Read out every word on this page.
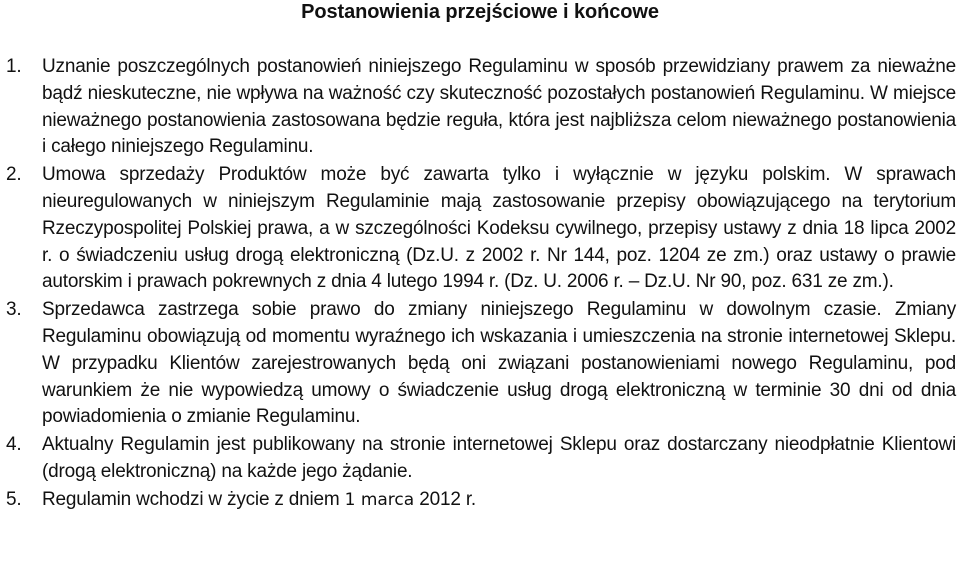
Postanowienia przejściowe i końcowe
1. Uznanie poszczególnych postanowień niniejszego Regulaminu w sposób przewidziany prawem za nieważne bądź nieskuteczne, nie wpływa na ważność czy skuteczność pozostałych postanowień Regulaminu. W miejsce nieważnego postanowienia zastosowana będzie reguła, która jest najbliższa celom nieważnego postanowienia i całego niniejszego Regulaminu.
2. Umowa sprzedaży Produktów może być zawarta tylko i wyłącznie w języku polskim. W sprawach nieuregulowanych w niniejszym Regulaminie mają zastosowanie przepisy obowiązującego na terytorium Rzeczypospolitej Polskiej prawa, a w szczególności Kodeksu cywilnego, przepisy ustawy z dnia 18 lipca 2002 r. o świadczeniu usług drogą elektroniczną (Dz.U. z 2002 r. Nr 144, poz. 1204 ze zm.) oraz ustawy o prawie autorskim i prawach pokrewnych z dnia 4 lutego 1994 r. (Dz. U. 2006 r. – Dz.U. Nr 90, poz. 631 ze zm.).
3. Sprzedawca zastrzega sobie prawo do zmiany niniejszego Regulaminu w dowolnym czasie. Zmiany Regulaminu obowiązują od momentu wyraźnego ich wskazania i umieszczenia na stronie internetowej Sklepu. W przypadku Klientów zarejestrowanych będą oni związani postanowieniami nowego Regulaminu, pod warunkiem że nie wypowiedzą umowy o świadczenie usług drogą elektroniczną w terminie 30 dni od dnia powiadomienia o zmianie Regulaminu.
4. Aktualny Regulamin jest publikowany na stronie internetowej Sklepu oraz dostarczany nieodpłatnie Klientowi (drogą elektroniczną) na każde jego żądanie.
5. Regulamin wchodzi w życie z dniem 1 marca 2012 r.
